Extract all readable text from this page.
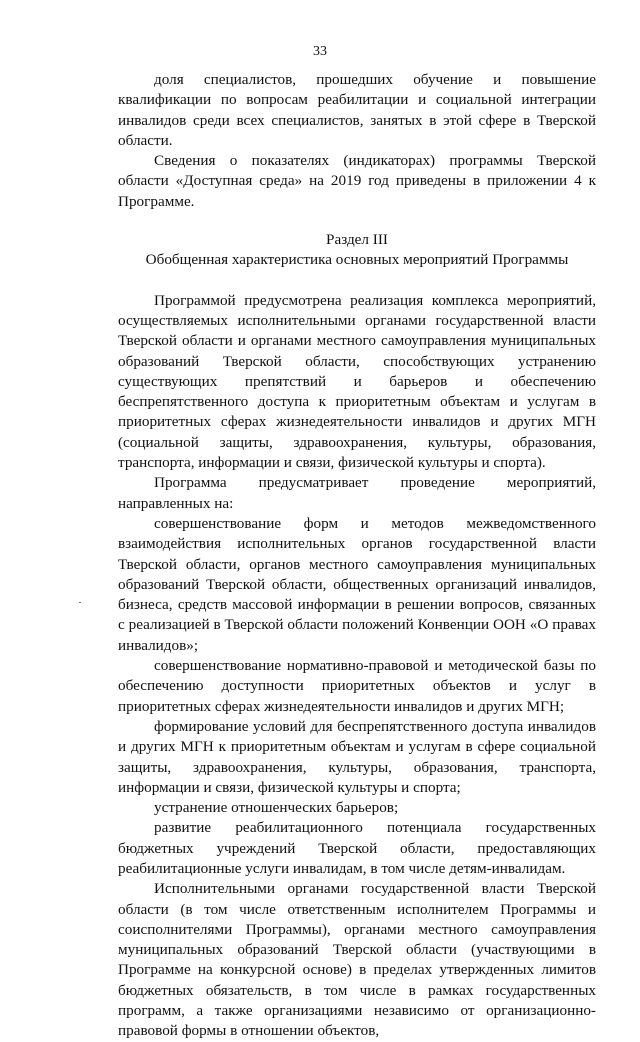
33

доля специалистов, прошедших обучение и повышение квалификации по вопросам реабилитации и социальной интеграции инвалидов среди всех специалистов, занятых в этой сфере в Тверской области.

Сведения о показателях (индикаторах) программы Тверской области «Доступная среда» на 2019 год приведены в приложении 4 к Программе.

Раздел III

Обобщенная характеристика основных мероприятий Программы

Программой предусмотрена реализация комплекса мероприятий, осуществляемых исполнительными органами государственной власти Тверской области и органами местного самоуправления муниципальных образований Тверской области, способствующих устранению существующих препятствий и барьеров и обеспечению беспрепятственного доступа к приоритетным объектам и услугам в приоритетных сферах жизнедеятельности инвалидов и других МГН (социальной защиты, здравоохранения, культуры, образования, транспорта, информации и связи, физической культуры и спорта).

Программа предусматривает проведение мероприятий, направленных на:

совершенствование форм и методов межведомственного взаимодействия исполнительных органов государственной власти Тверской области, органов местного самоуправления муниципальных образований Тверской области, общественных организаций инвалидов, бизнеса, средств массовой информации в решении вопросов, связанных с реализацией в Тверской области положений Конвенции ООН «О правах инвалидов»;

совершенствование нормативно-правовой и методической базы по обеспечению доступности приоритетных объектов и услуг в приоритетных сферах жизнедеятельности инвалидов и других МГН;

формирование условий для беспрепятственного доступа инвалидов и других МГН к приоритетным объектам и услугам в сфере социальной защиты, здравоохранения, культуры, образования, транспорта, информации и связи, физической культуры и спорта;

устранение отношенческих барьеров;

развитие реабилитационного потенциала государственных бюджетных учреждений Тверской области, предоставляющих реабилитационные услуги инвалидам, в том числе детям-инвалидам.

Исполнительными органами государственной власти Тверской области (в том числе ответственным исполнителем Программы и соисполнителями Программы), органами местного самоуправления муниципальных образований Тверской области (участвующими в Программе на конкурсной основе) в пределах утвержденных лимитов бюджетных обязательств, в том числе в рамках государственных программ, а также организациями независимо от организационно-правовой формы в отношении объектов,
